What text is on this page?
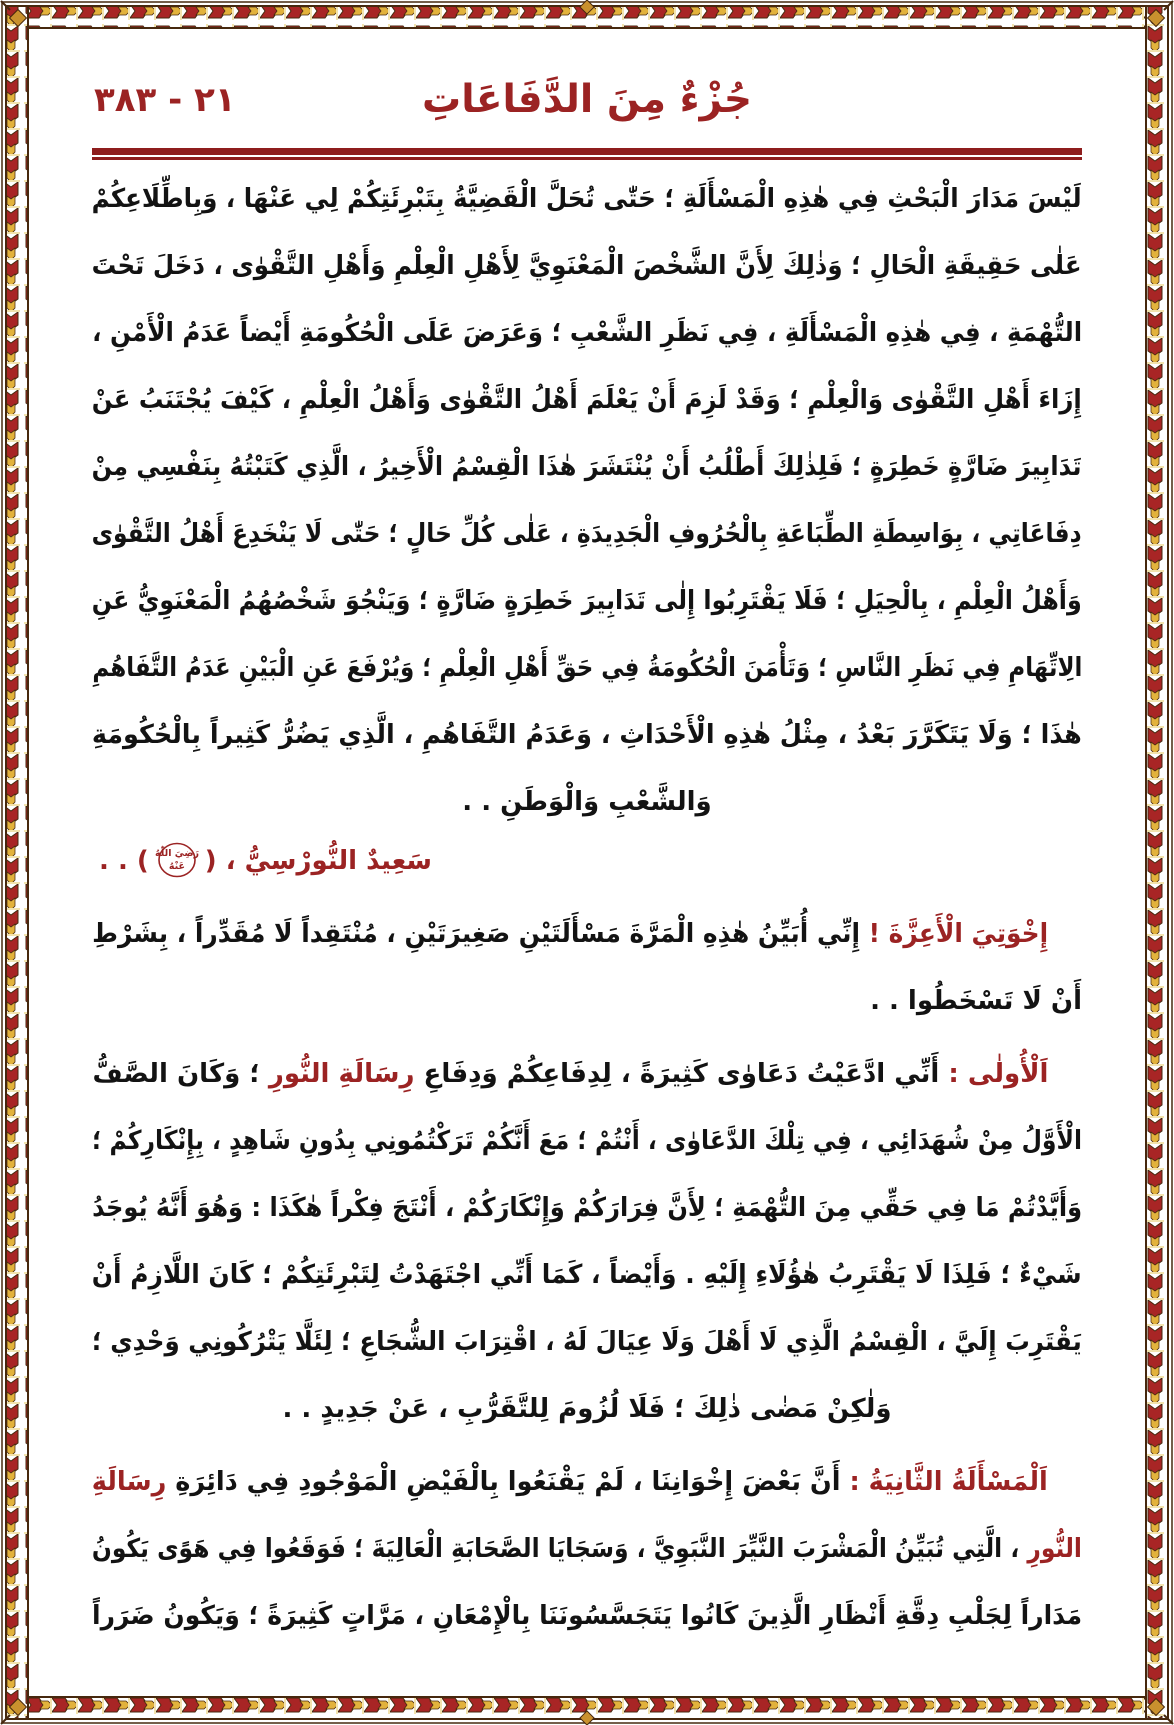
٢١ - ٣٨٣	جُزْءٌ مِنَ الدَّفَاعَاتِ
لَيْسَ مَدَارَ الْبَحْثِ فِي هٰذِهِ الْمَسْأَلَةِ ؛ حَتّٰى تُحَلَّ الْقَضِيَّةُ بِتَبْرِئَتِكُمْ لِي عَنْهَا ، وَبِاطِّلَاعِكُمْ
عَلٰى حَقِيقَةِ الْحَالِ ؛ وَذٰلِكَ لِأَنَّ الشَّخْصَ الْمَعْنَوِيَّ لِأَهْلِ الْعِلْمِ وَأَهْلِ التَّقْوٰى ، دَخَلَ تَحْتَ
التُّهْمَةِ ، فِي هٰذِهِ الْمَسْأَلَةِ ، فِي نَظَرِ الشَّعْبِ ؛ وَعَرَضَ عَلَى الْحُكُومَةِ أَيْضاً عَدَمُ الْأَمْنِ ،
إِزَاءَ أَهْلِ التَّقْوٰى وَالْعِلْمِ ؛ وَقَدْ لَزِمَ أَنْ يَعْلَمَ أَهْلُ التَّقْوٰى وَأَهْلُ الْعِلْمِ ، كَيْفَ يُجْتَنَبُ عَنْ
تَدَابِيرَ ضَارَّةٍ خَطِرَةٍ ؛ فَلِذٰلِكَ أَطْلُبُ أَنْ يُنْتَشَرَ هٰذَا الْقِسْمُ الْأَخِيرُ ، الَّذِي كَتَبْتُهُ بِنَفْسِي مِنْ
دِفَاعَاتِي ، بِوَاسِطَةِ الطِّبَاعَةِ بِالْحُرُوفِ الْجَدِيدَةِ ، عَلٰى كُلِّ حَالٍ ؛ حَتّٰى لَا يَنْخَدِعَ أَهْلُ التَّقْوٰى
وَأَهْلُ الْعِلْمِ ، بِالْحِيَلِ ؛ فَلَا يَقْتَرِبُوا إِلٰى تَدَابِيرَ خَطِرَةٍ ضَارَّةٍ ؛ وَيَنْجُوَ شَخْصُهُمُ الْمَعْنَوِيُّ عَنِ
الِاتِّهَامِ فِي نَظَرِ النَّاسِ ؛ وَتَأْمَنَ الْحُكُومَةُ فِي حَقِّ أَهْلِ الْعِلْمِ ؛ وَيُرْفَعَ عَنِ الْبَيْنِ عَدَمُ التَّفَاهُمِ
هٰذَا ؛ وَلَا يَتَكَرَّرَ بَعْدُ ، مِثْلُ هٰذِهِ الْأَحْدَاثِ ، وَعَدَمُ التَّفَاهُمِ ، الَّذِي يَضُرُّ كَثِيراً بِالْحُكُومَةِ
وَالشَّعْبِ وَالْوَطَنِ . .
سَعِيدٌ النُّورْسِيُّ ، (
رَضِيَ اللّٰهُ
عَنْهُ
) . .
إِخْوَتِيَ الْأَعِزَّةَ ! إِنِّي أُبَيِّنُ هٰذِهِ الْمَرَّةَ مَسْأَلَتَيْنِ صَغِيرَتَيْنِ ، مُنْتَقِداً لَا مُقَدِّراً ، بِشَرْطِ
أَنْ لَا تَسْخَطُوا . .
اَلْأُولٰى : أَنِّي ادَّعَيْتُ دَعَاوٰى كَثِيرَةً ، لِدِفَاعِكُمْ وَدِفَاعِ رِسَالَةِ النُّورِ ؛ وَكَانَ الصَّفُّ
الْأَوَّلُ مِنْ شُهَدَائِي ، فِي تِلْكَ الدَّعَاوٰى ، أَنْتُمْ ؛ مَعَ أَنَّكُمْ تَرَكْتُمُونِي بِدُونِ شَاهِدٍ ، بِإِنْكَارِكُمْ ؛
وَأَيَّدْتُمْ مَا فِي حَقِّي مِنَ التُّهْمَةِ ؛ لِأَنَّ فِرَارَكُمْ وَإِنْكَارَكُمْ ، أَنْتَجَ فِكْراً هٰكَذَا : وَهُوَ أَنَّهُ يُوجَدُ
شَيْءٌ ؛ فَلِذَا لَا يَقْتَرِبُ هٰؤُلَاءِ إِلَيْهِ . وَأَيْضاً ، كَمَا أَنِّي اجْتَهَدْتُ لِتَبْرِئَتِكُمْ ؛ كَانَ اللَّازِمُ أَنْ
يَقْتَرِبَ إِلَيَّ ، الْقِسْمُ الَّذِي لَا أَهْلَ وَلَا عِيَالَ لَهُ ، اقْتِرَابَ الشُّجَاعِ ؛ لِئَلَّا يَتْرُكُونِي وَحْدِي ؛
وَلٰكِنْ مَضٰى ذٰلِكَ ؛ فَلَا لُزُومَ لِلتَّقَرُّبِ ، عَنْ جَدِيدٍ . .
اَلْمَسْأَلَةُ الثَّانِيَةُ : أَنَّ بَعْضَ إِخْوَانِنَا ، لَمْ يَقْنَعُوا بِالْفَيْضِ الْمَوْجُودِ فِي دَائِرَةِ رِسَالَةِ
النُّورِ ، الَّتِي تُبَيِّنُ الْمَشْرَبَ النَّيِّرَ النَّبَوِيَّ ، وَسَجَايَا الصَّحَابَةِ الْعَالِيَةَ ؛ فَوَقَعُوا فِي هَوًى يَكُونُ
مَدَاراً لِجَلْبِ دِقَّةِ أَنْظَارِ الَّذِينَ كَانُوا يَتَجَسَّسُونَنَا بِالْإِمْعَانِ ، مَرَّاتٍ كَثِيرَةً ؛ وَيَكُونُ ضَرَراً
